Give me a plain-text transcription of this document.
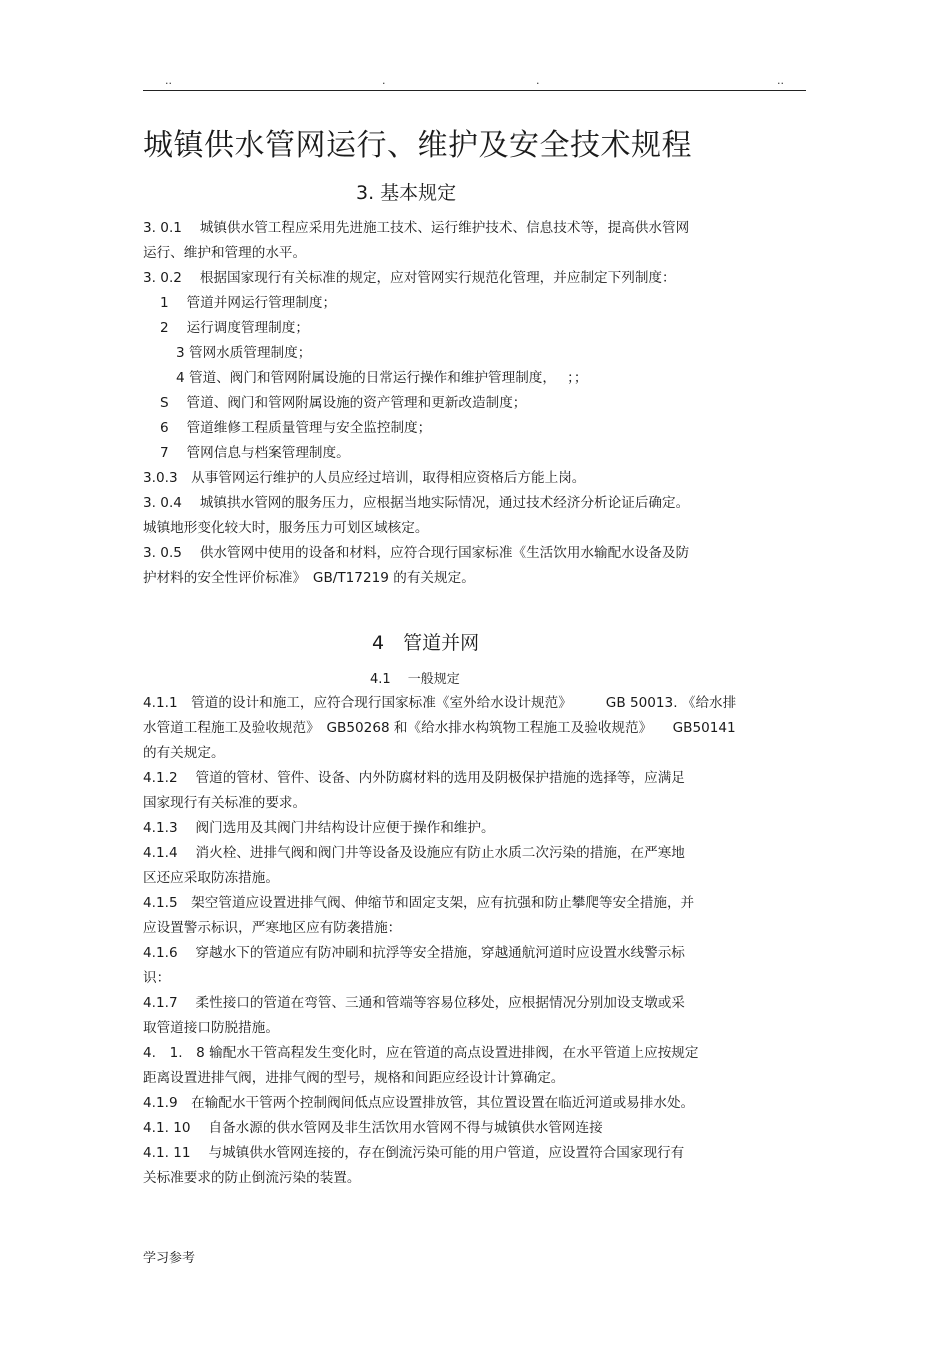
..	.	.	..
城镇供水管网运行、维护及安全技术规程
3. 基本规定
3. 0.1　 城镇供水管工程应采用先进施工技术、运行维护技术、信息技术等，提高供水管网
运行、维护和管理的水平。
3. 0.2　 根据国家现行有关标准的规定，应对管网实行规范化管理，并应制定下列制度：
1　 管道并网运行管理制度；
2　 运行调度管理制度；
3 管网水质管理制度；
4 管道、阀门和管网附属设施的日常运行操作和维护管理制度，　 ；；
S　 管道、阀门和管网附属设施的资产管理和更新改造制度；
6　 管道维修工程质量管理与安全监控制度；
7　 管网信息与档案管理制度。
3.0.3　从事管网运行维护的人员应经过培训，取得相应资格后方能上岗。
3. 0.4　 城镇拱水管网的服务压力，应根据当地实际情况，通过技术经济分析论证后确定。
城镇地形变化较大时，服务压力可划区域核定。
3. 0.5　 供水管网中使用的设备和材料，应符合现行国家标准《生活饮用水输配水设备及防
护材料的安全性评价标准》　GB/T17219 的有关规定。
4　管道并网
4.1　 一般规定
4.1.1　管道的设计和施工，应符合现行国家标准《室外给水设计规范》　　　GB 50013. 《给水排
水管道工程施工及验收规范》　GB50268 和《给水排水构筑物工程施工及验收规范》　　GB50141
的有关规定。
4.1.2　 管道的管材、管件、设备、内外防腐材料的选用及阴极保护措施的选择等，应满足
国家现行有关标准的要求。
4.1.3　 阀门选用及其阀门井结构设计应便于操作和维护。
4.1.4　 消火栓、进排气阀和阀门井等设备及设施应有防止水质二次污染的措施，在严寒地
区还应采取防冻措施。
4.1.5　架空管道应设置进排气阀、伸缩节和固定支架，应有抗强和防止攀爬等安全措施，并
应设置警示标识，严寒地区应有防袭措施：
4.1.6　 穿越水下的管道应有防冲刷和抗浮等安全措施，穿越通航河道时应设置水线警示标
识：
4.1.7　 柔性接口的管道在弯管、三通和管端等容易位移处，应根据情况分别加设支墩或采
取管道接口防脱措施。
4.　1.　8 输配水干管高程发生变化时，应在管道的高点设置进排阀，在水平管道上应按规定
距离设置进排气阀，进排气阀的型号，规格和间距应经设计计算确定。
4.1.9　在输配水干管两个控制阀间低点应设置排放管，其位置设置在临近河道或易排水处。
4.1. 10　 自备水源的供水管网及非生活饮用水管网不得与城镇供水管网连接
4.1. 11　 与城镇供水管网连接的，存在倒流污染可能的用户管道，应设置符合国家现行有
关标准要求的防止倒流污染的装置。
学习参考
